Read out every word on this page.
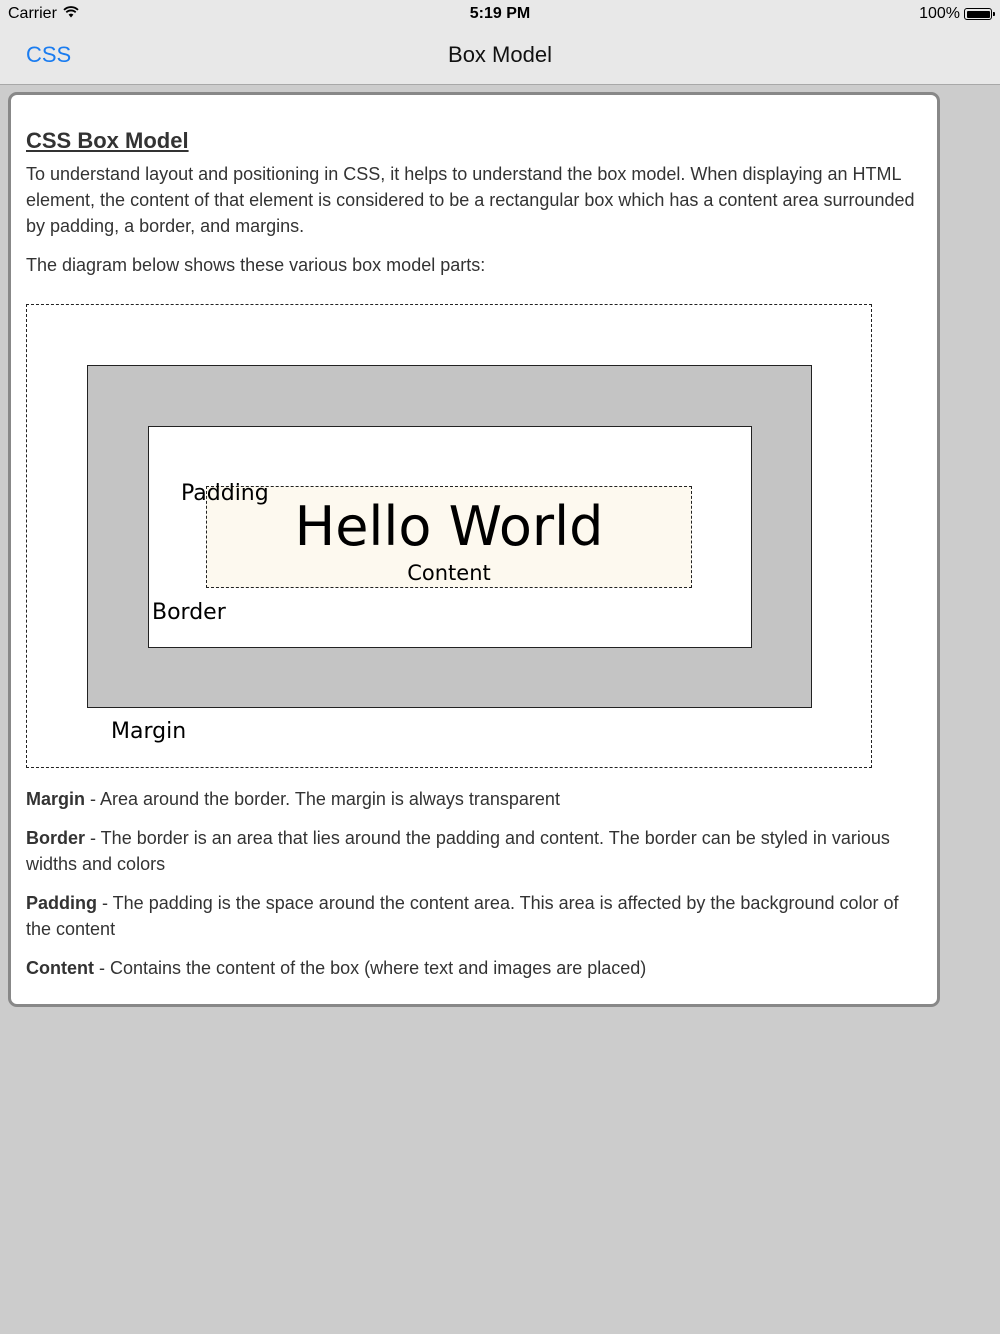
Carrier	5:19 PM	100%
CSS	Box Model
CSS Box Model

To understand layout and positioning in CSS, it helps to understand the box model. When displaying an HTML element, the content of that element is considered to be a rectangular box which has a content area surrounded by padding, a border, and margins.

The diagram below shows these various box model parts:

Hello World
Content
Padding
Border
Margin

Margin - Area around the border. The margin is always transparent

Border - The border is an area that lies around the padding and content. The border can be styled in various widths and colors

Padding - The padding is the space around the content area. This area is affected by the background color of the content

Content - Contains the content of the box (where text and images are placed)
